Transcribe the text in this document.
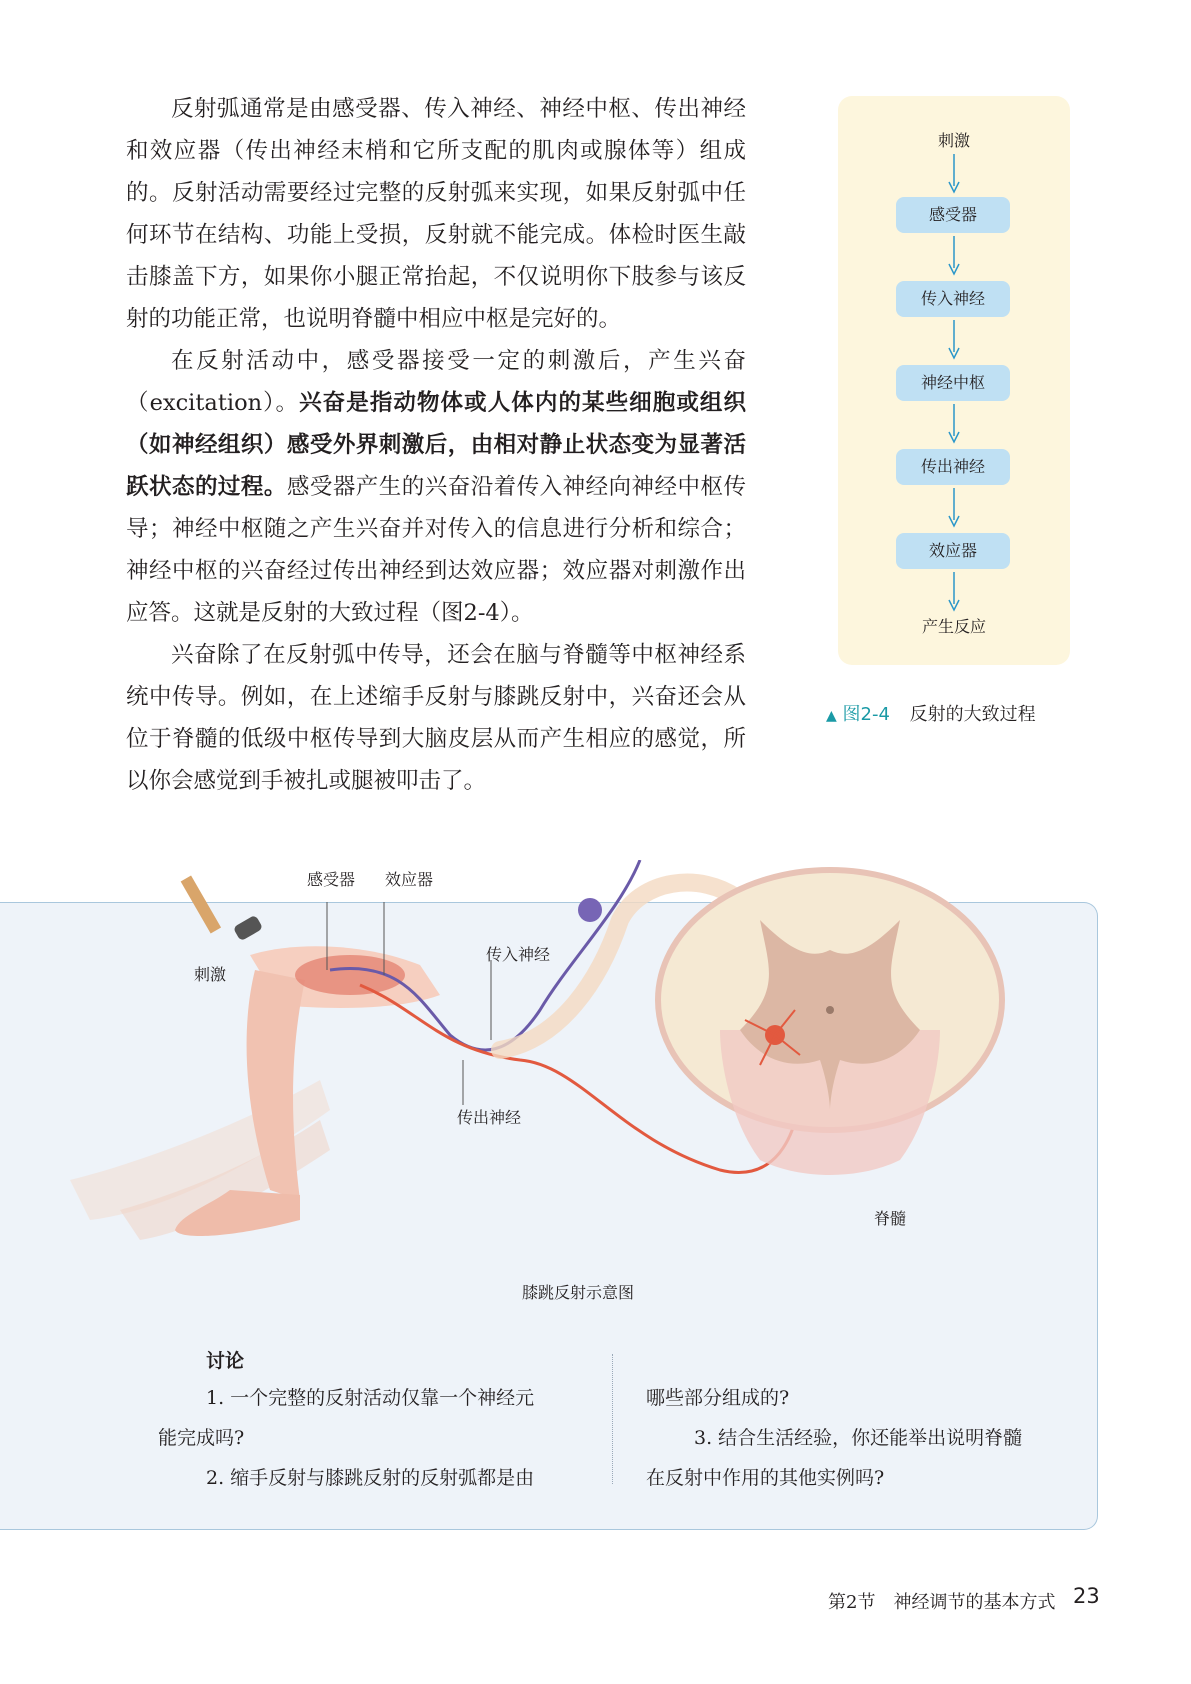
反射弧通常是由感受器、传入神经、神经中枢、传出神经和效应器（传出神经末梢和它所支配的肌肉或腺体等）组成的。反射活动需要经过完整的反射弧来实现，如果反射弧中任何环节在结构、功能上受损，反射就不能完成。体检时医生敲击膝盖下方，如果你小腿正常抬起，不仅说明你下肢参与该反射的功能正常，也说明脊髓中相应中枢是完好的。

在反射活动中，感受器接受一定的刺激后，产生兴奋（excitation）。兴奋是指动物体或人体内的某些细胞或组织（如神经组织）感受外界刺激后，由相对静止状态变为显著活跃状态的过程。感受器产生的兴奋沿着传入神经向神经中枢传导；神经中枢随之产生兴奋并对传入的信息进行分析和综合；神经中枢的兴奋经过传出神经到达效应器；效应器对刺激作出应答。这就是反射的大致过程（图2-4）。

兴奋除了在反射弧中传导，还会在脑与脊髓等中枢神经系统中传导。例如，在上述缩手反射与膝跳反射中，兴奋还会从位于脊髓的低级中枢传导到大脑皮层从而产生相应的感觉，所以你会感觉到手被扎或腿被叩击了。

刺激
感受器
传入神经
神经中枢
传出神经
效应器
产生反应
▲ 图2-4 反射的大致过程
感受器 效应器
刺激
传入神经
传出神经
脊髓
膝跳反射示意图
讨论

1. 一个完整的反射活动仅靠一个神经元

能完成吗?

2. 缩手反射与膝跳反射的反射弧都是由

哪些部分组成的?

3. 结合生活经验，你还能举出说明脊髓

在反射中作用的其他实例吗?

第2节　神经调节的基本方式 23
